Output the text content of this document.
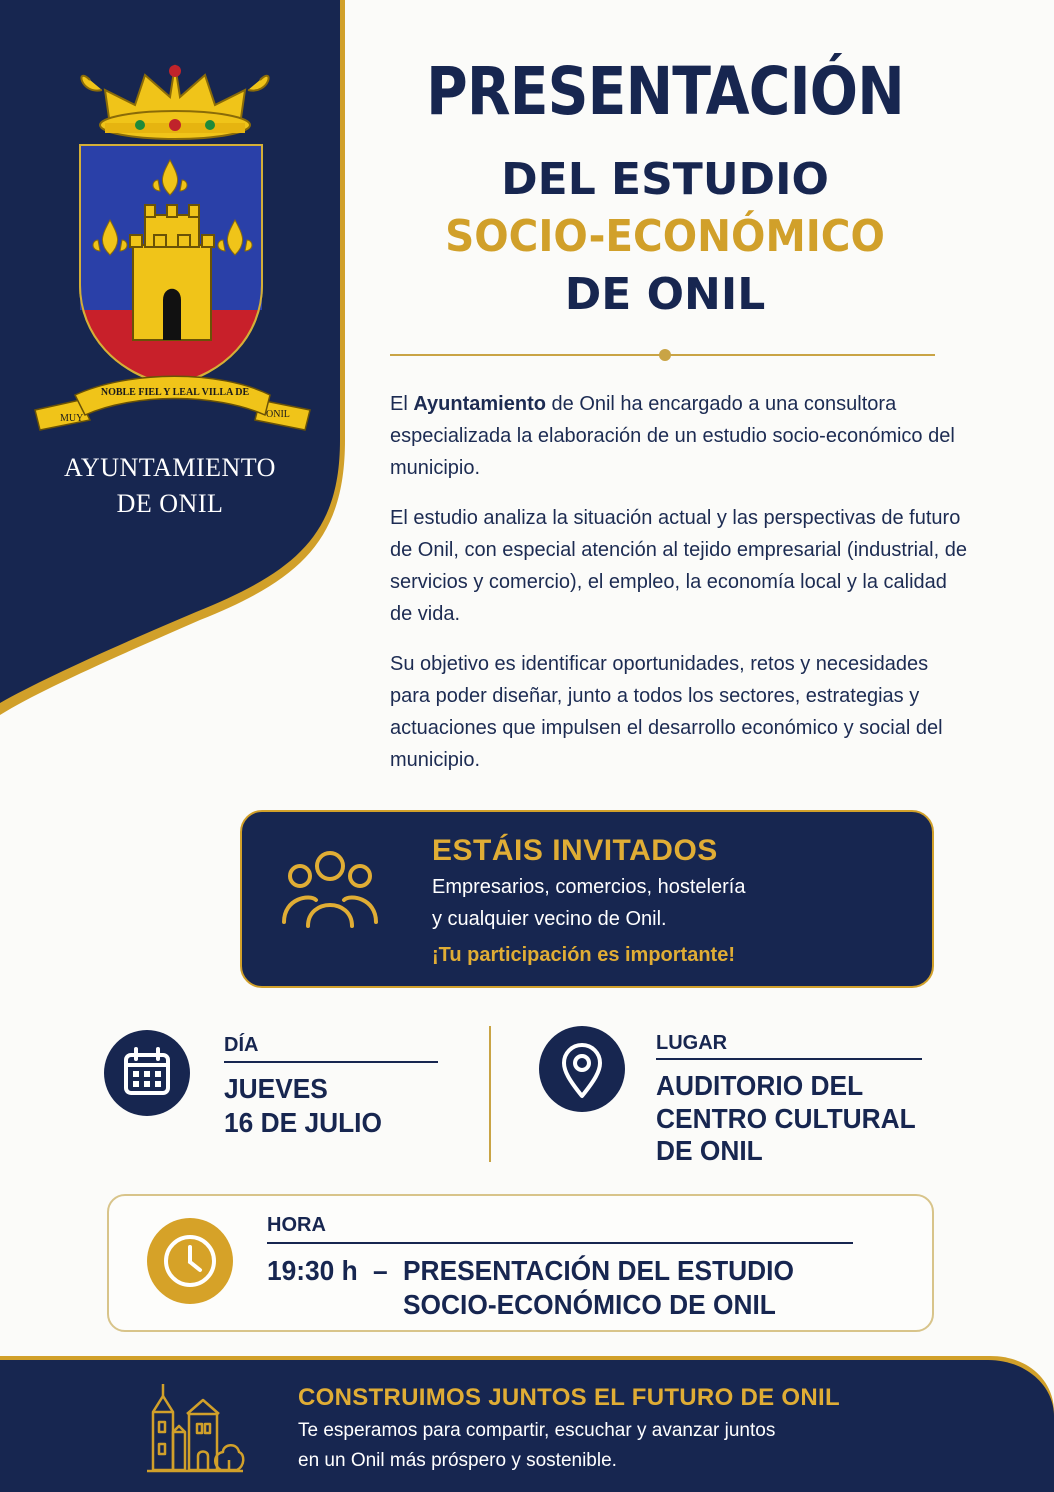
MUY
NOBLE FIEL Y LEAL VILLA DE
ONIL
AYUNTAMIENTO
DE ONIL
PRESENTACIÓN
DEL ESTUDIO
SOCIO-ECONÓMICO
DE ONIL

El Ayuntamiento de Onil ha encargado a una consultora especializada la elaboración de un estudio socio-económico del municipio.

El estudio analiza la situación actual y las perspectivas de futuro de Onil, con especial atención al tejido empresarial (industrial, de servicios y comercio), el empleo, la economía local y la calidad de vida.

Su objetivo es identificar oportunidades, retos y necesidades para poder diseñar, junto a todos los sectores, estrategias y actuaciones que impulsen el desarrollo económico y social del municipio.

ESTÁIS INVITADOS
Empresarios, comercios, hostelería
y cualquier vecino de Onil.
¡Tu participación es importante!
DÍA
JUEVES
16 DE JULIO
LUGAR
AUDITORIO DEL
CENTRO CULTURAL
DE ONIL
HORA
19:30 h – PRESENTACIÓN DEL ESTUDIO
SOCIO-ECONÓMICO DE ONIL
CONSTRUIMOS JUNTOS EL FUTURO DE ONIL
Te esperamos para compartir, escuchar y avanzar juntos
en un Onil más próspero y sostenible.
